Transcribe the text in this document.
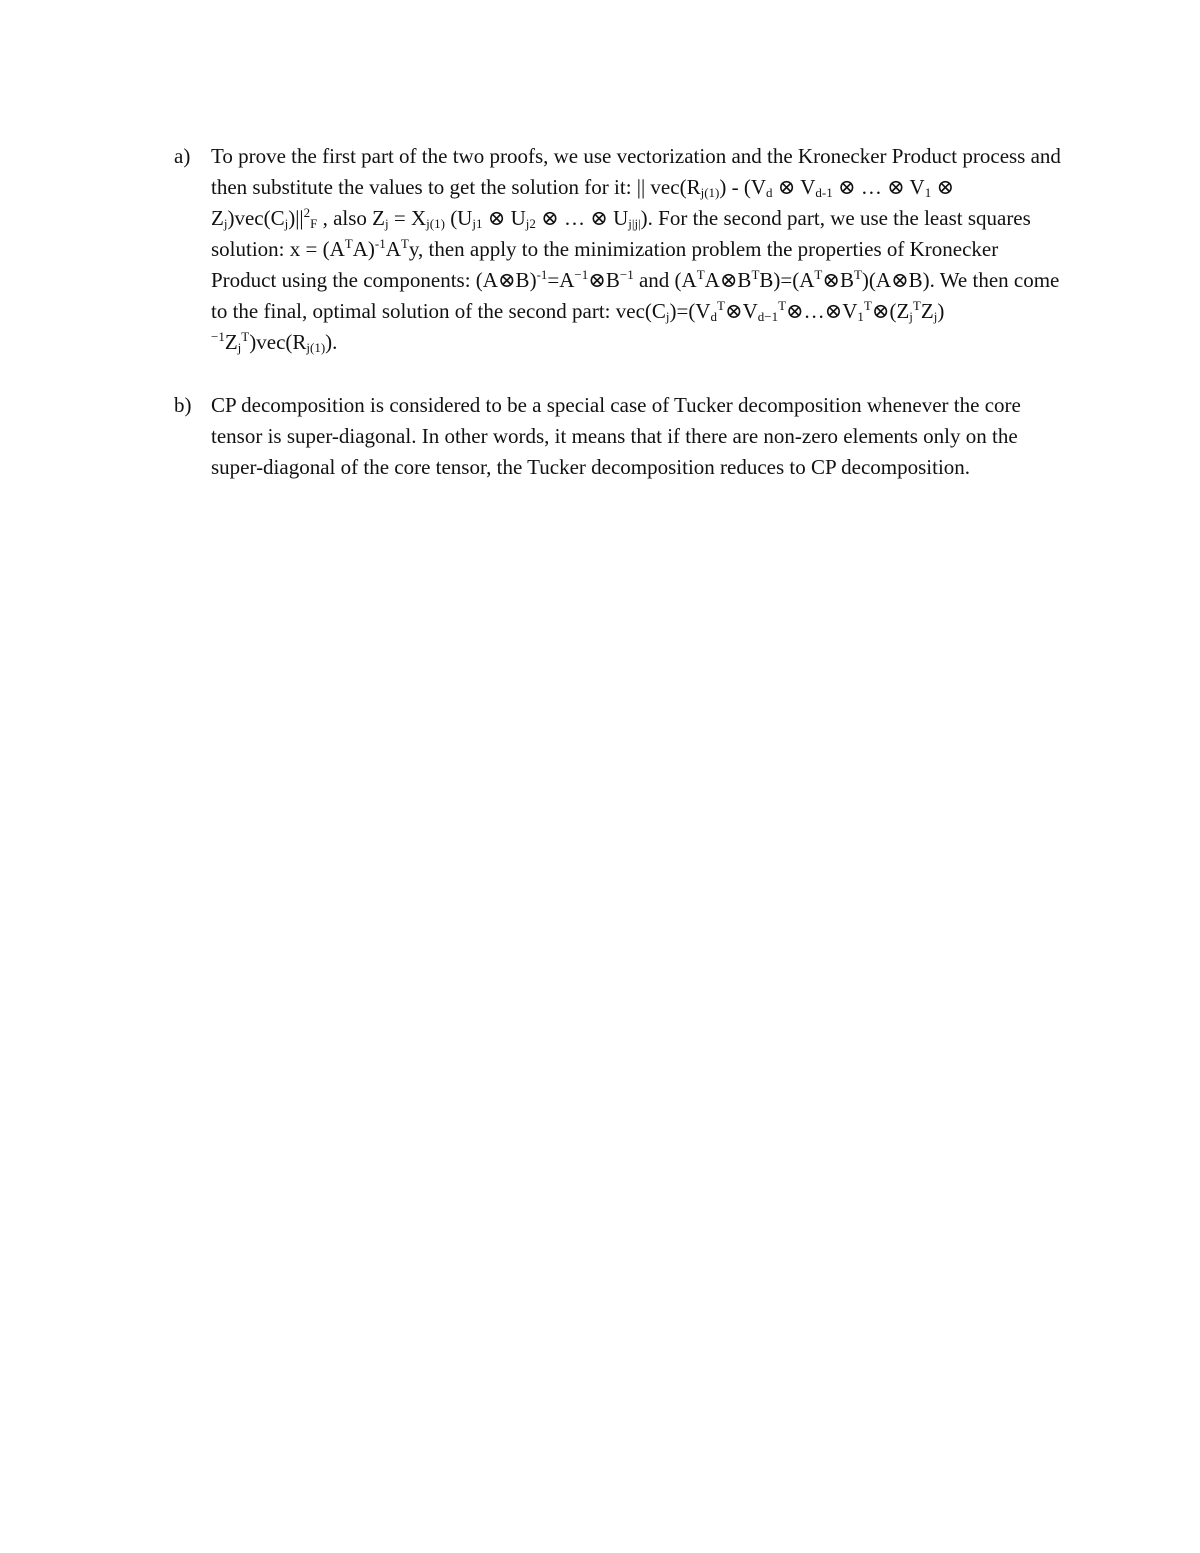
a) To prove the first part of the two proofs, we use vectorization and the Kronecker Product process and then substitute the values to get the solution for it: || $vec(R_{j(1)}) - (V_d$ ⊗ $V_{d-1}$ ⊗ … ⊗ $V_1$ ⊗ $Z_j)vec(C_j)||^2_F$ , also $Z_j = X_{j(1)}$ ($U_{j1}$ ⊗ $U_{j2}$ ⊗ … ⊗ $U_{j|j|}$). For the second part, we use the least squares solution: $x = (A^TA)^{-1}A^Ty$, then apply to the minimization problem the properties of Kronecker Product using the components: $(A\otimes B)^{-1}=A^{-1}\otimes B^{-1}$ and $(A^TA\otimes B^TB)=(A^T\otimes B^T)(A\otimes B)$. We then come to the final, optimal solution of the second part: $vec(C_j)=(V_d^T\otimes V_{d-1}^T\otimes\dots\otimes V_1^T\otimes(Z_j^TZ_j)^{-1}Z_j^T)vec(R_{j(1)})$.
b) CP decomposition is considered to be a special case of Tucker decomposition whenever the core tensor is super-diagonal. In other words, it means that if there are non-zero elements only on the super-diagonal of the core tensor, the Tucker decomposition reduces to CP decomposition.
